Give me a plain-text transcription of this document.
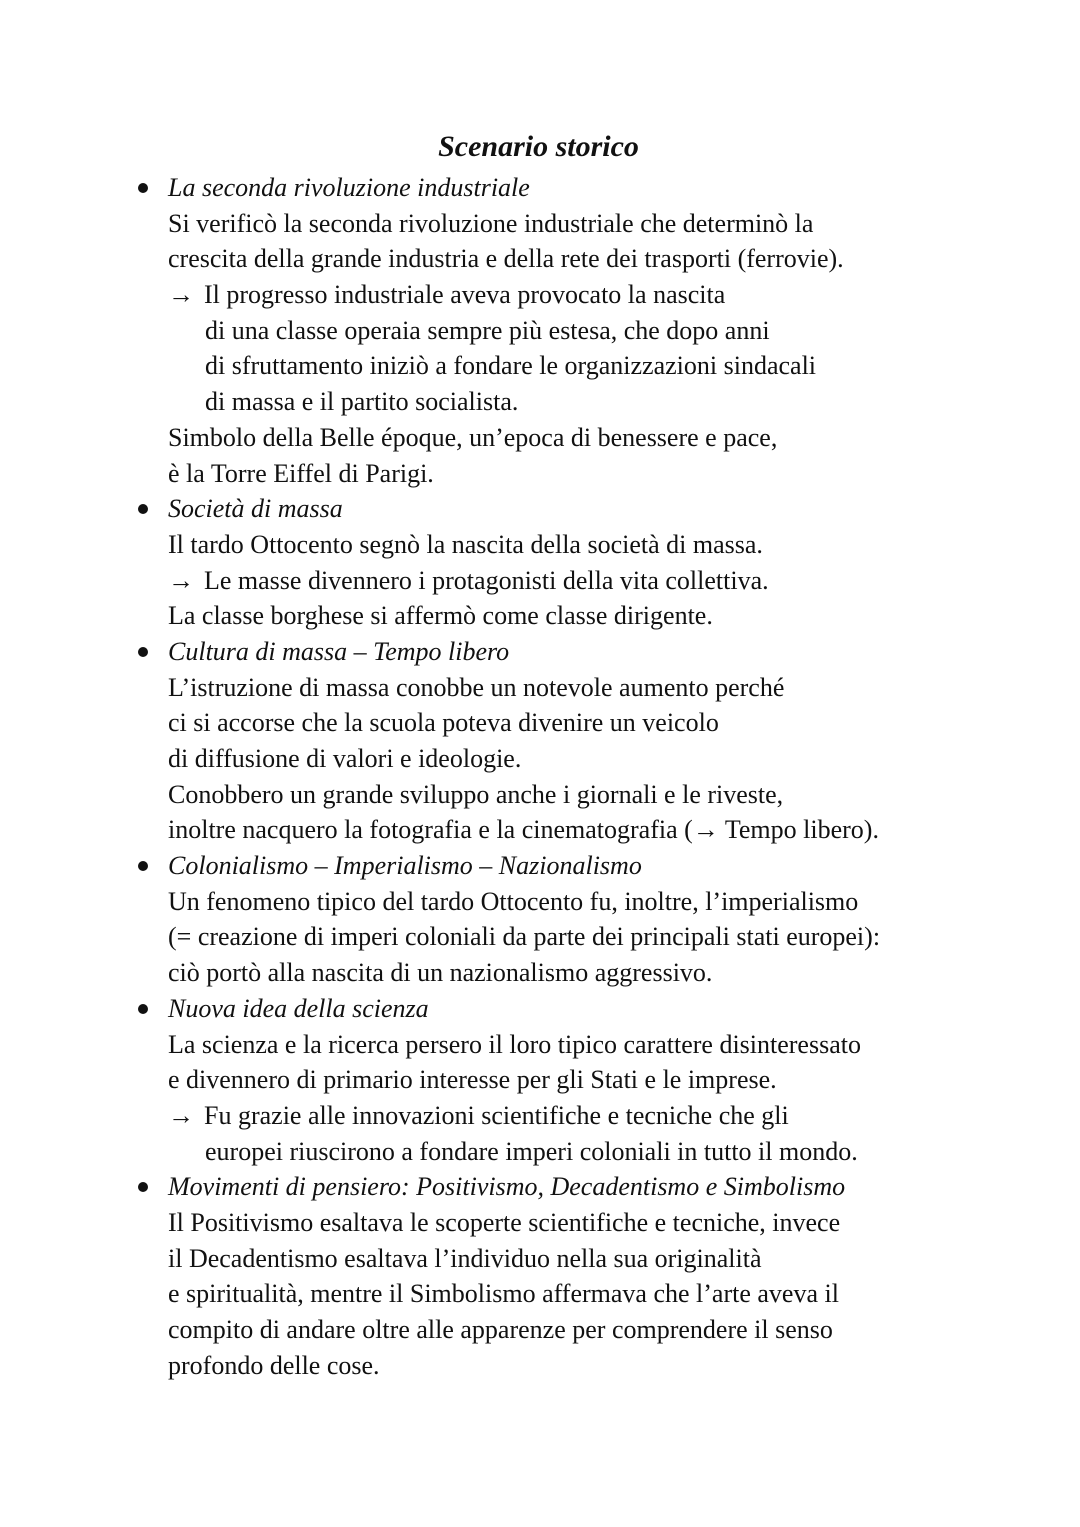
Scenario storico
La seconda rivoluzione industriale
Si verificò la seconda rivoluzione industriale che determinò la
crescita della grande industria e della rete dei trasporti (ferrovie).
→ Il progresso industriale aveva provocato la nascita
di una classe operaia sempre più estesa, che dopo anni
di sfruttamento iniziò a fondare le organizzazioni sindacali
di massa e il partito socialista.
Simbolo della Belle époque, un’epoca di benessere e pace,
è la Torre Eiffel di Parigi.
Società di massa
Il tardo Ottocento segnò la nascita della società di massa.
→ Le masse divennero i protagonisti della vita collettiva.
La classe borghese si affermò come classe dirigente.
Cultura di massa – Tempo libero
L’istruzione di massa conobbe un notevole aumento perché
ci si accorse che la scuola poteva divenire un veicolo
di diffusione di valori e ideologie.
Conobbero un grande sviluppo anche i giornali e le riveste,
inoltre nacquero la fotografia e la cinematografia (→ Tempo libero).
Colonialismo – Imperialismo – Nazionalismo
Un fenomeno tipico del tardo Ottocento fu, inoltre, l’imperialismo
(= creazione di imperi coloniali da parte dei principali stati europei):
ciò portò alla nascita di un nazionalismo aggressivo.
Nuova idea della scienza
La scienza e la ricerca persero il loro tipico carattere disinteressato
e divennero di primario interesse per gli Stati e le imprese.
→ Fu grazie alle innovazioni scientifiche e tecniche che gli
europei riuscirono a fondare imperi coloniali in tutto il mondo.
Movimenti di pensiero: Positivismo, Decadentismo e Simbolismo
Il Positivismo esaltava le scoperte scientifiche e tecniche, invece
il Decadentismo esaltava l’individuo nella sua originalità
e spiritualità, mentre il Simbolismo affermava che l’arte aveva il
compito di andare oltre alle apparenze per comprendere il senso
profondo delle cose.
